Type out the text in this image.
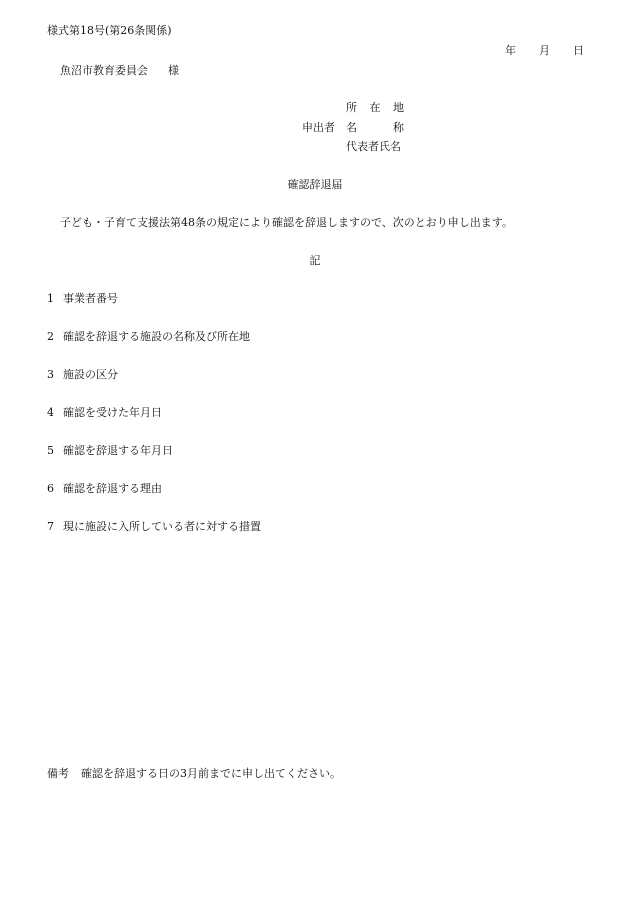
様式第18号(第26条関係)
年 月 日
魚沼市教育委員会 様
申出者
所 在 地
名	称
代表者氏名
確認辞退届
子ども・子育て支援法第48条の規定により確認を辞退しますので、次のとおり申し出ます。
記
1 事業者番号
2 確認を辞退する施設の名称及び所在地
3 施設の区分
4 確認を受けた年月日
5 確認を辞退する年月日
6 確認を辞退する理由
7 現に施設に入所している者に対する措置
備考 確認を辞退する日の3月前までに申し出てください。
